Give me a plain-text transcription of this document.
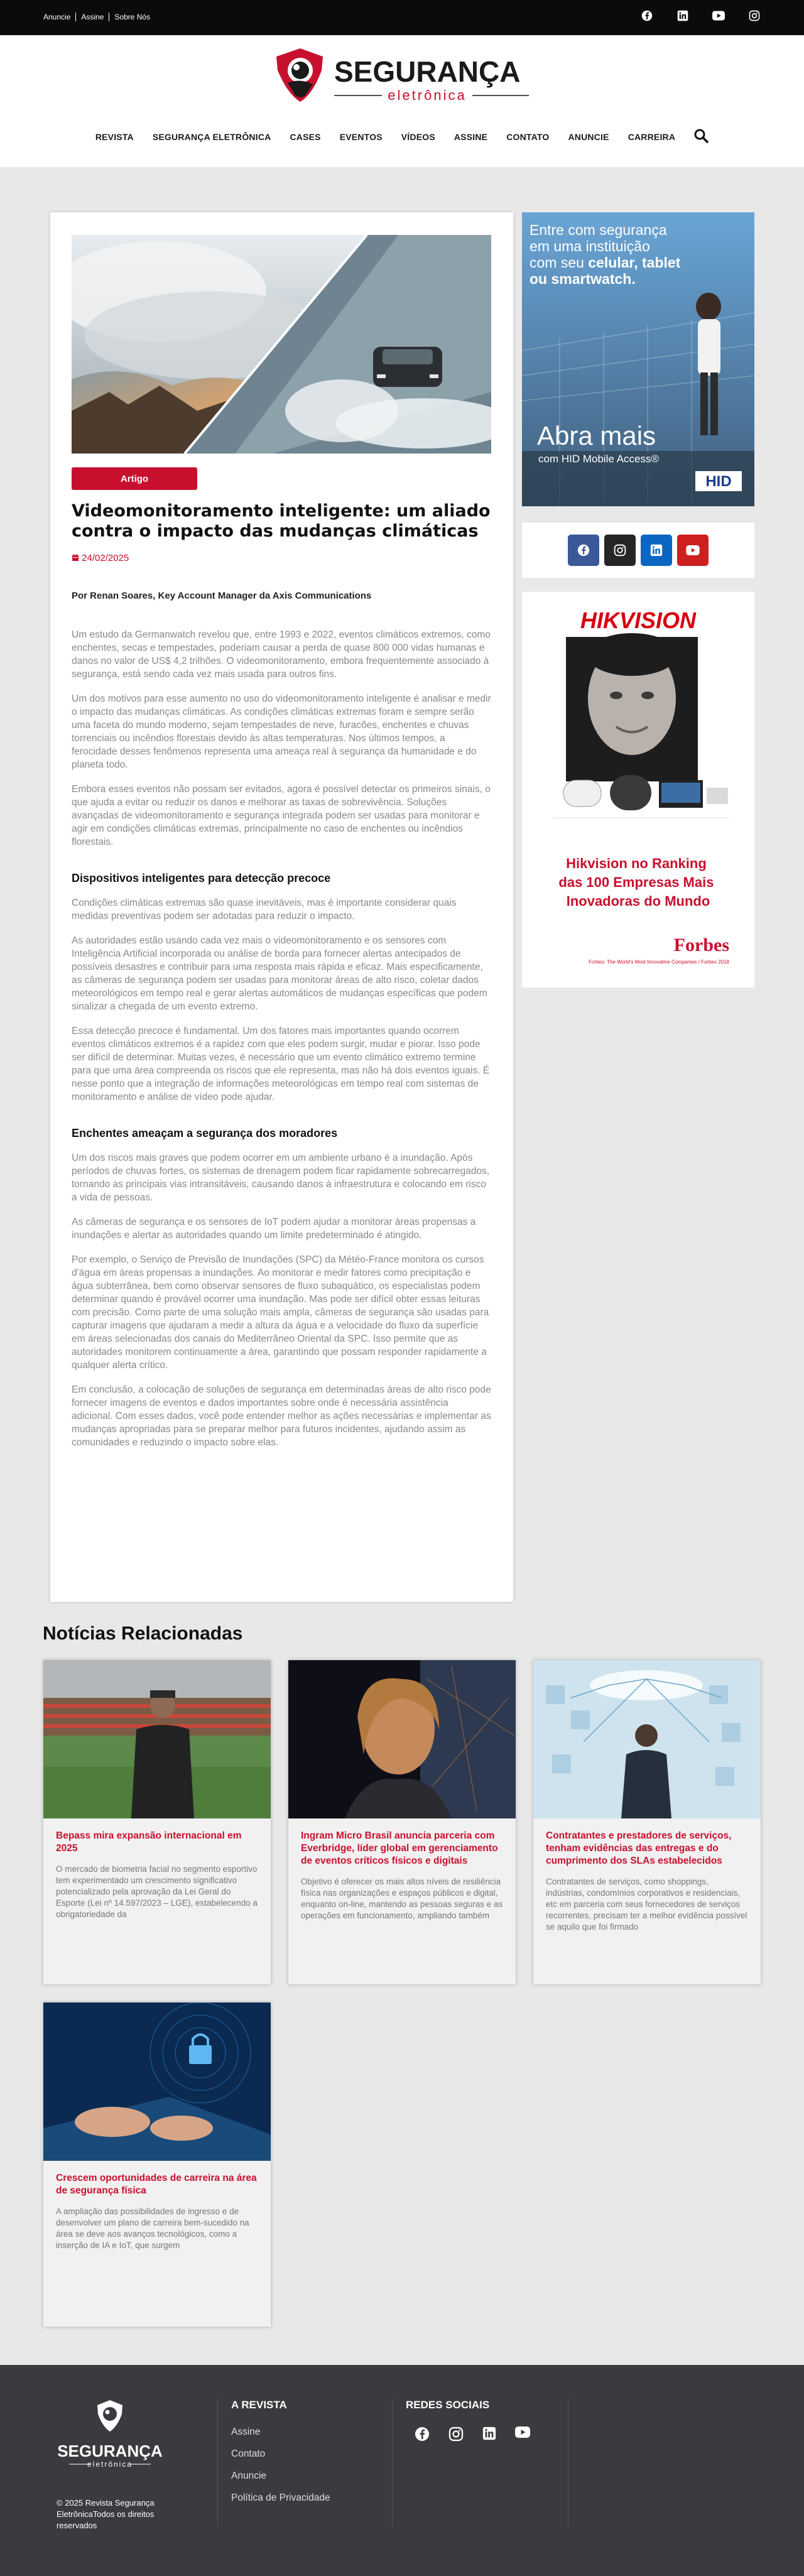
Anuncie	Assine	Sobre Nós
SEGURANÇA
eletrônica
REVISTA SEGURANÇA ELETRÔNICA CASES EVENTOS VÍDEOS ASSINE CONTATO ANUNCIE CARREIRA
Artigo
Videomonitoramento inteligente: um aliado contra o impacto das mudanças climáticas
24/02/2025
Por Renan Soares, Key Account Manager da Axis Communications

Um estudo da Germanwatch revelou que, entre 1993 e 2022, eventos climáticos extremos, como enchentes, secas e tempestades, poderiam causar a perda de quase 800 000 vidas humanas e danos no valor de US$ 4,2 trilhões. O videomonitoramento, embora frequentemente associado à segurança, está sendo cada vez mais usada para outros fins.

Um dos motivos para esse aumento no uso do videomonitoramento inteligente é analisar e medir o impacto das mudanças climáticas. As condições climáticas extremas foram e sempre serão uma faceta do mundo moderno, sejam tempestades de neve, furacões, enchentes e chuvas torrenciais ou incêndios florestais devido às altas temperaturas. Nos últimos tempos, a ferocidade desses fenômenos representa uma ameaça real à segurança da humanidade e do planeta todo.

Embora esses eventos não possam ser evitados, agora é possível detectar os primeiros sinais, o que ajuda a evitar ou reduzir os danos e melhorar as taxas de sobrevivência. Soluções avançadas de videomonitoramento e segurança integrada podem ser usadas para monitorar e agir em condições climáticas extremas, principalmente no caso de enchentes ou incêndios florestais.

Dispositivos inteligentes para detecção precoce

Condições climáticas extremas são quase inevitáveis, mas é importante considerar quais medidas preventivas podem ser adotadas para reduzir o impacto.

As autoridades estão usando cada vez mais o videomonitoramento e os sensores com Inteligência Artificial incorporada ou análise de borda para fornecer alertas antecipados de possíveis desastres e contribuir para uma resposta mais rápida e eficaz. Mais especificamente, as câmeras de segurança podem ser usadas para monitorar áreas de alto risco, coletar dados meteorológicos em tempo real e gerar alertas automáticos de mudanças específicas que podem sinalizar a chegada de um evento extremo.

Essa detecção precoce é fundamental. Um dos fatores mais importantes quando ocorrem eventos climáticos extremos é a rapidez com que eles podem surgir, mudar e piorar. Isso pode ser difícil de determinar. Muitas vezes, é necessário que um evento climático extremo termine para que uma área compreenda os riscos que ele representa, mas não há dois eventos iguais. É nesse ponto que a integração de informações meteorológicas em tempo real com sistemas de monitoramento e análise de vídeo pode ajudar.

Enchentes ameaçam a segurança dos moradores

Um dos riscos mais graves que podem ocorrer em um ambiente urbano é a inundação. Após períodos de chuvas fortes, os sistemas de drenagem podem ficar rapidamente sobrecarregados, tornando as principais vias intransitáveis, causando danos à infraestrutura e colocando em risco a vida de pessoas.

As câmeras de segurança e os sensores de IoT podem ajudar a monitorar áreas propensas a inundações e alertar as autoridades quando um limite predeterminado é atingido.

Por exemplo, o Serviço de Previsão de Inundações (SPC) da Météo-France monitora os cursos d'água em áreas propensas a inundações. Ao monitorar e medir fatores como precipitação e água subterrânea, bem como observar sensores de fluxo subaquático, os especialistas podem determinar quando é provável ocorrer uma inundação. Mas pode ser difícil obter essas leituras com precisão. Como parte de uma solução mais ampla, câmeras de segurança são usadas para capturar imagens que ajudaram a medir a altura da água e a velocidade do fluxo da superfície em áreas selecionadas dos canais do Mediterrâneo Oriental da SPC. Isso permite que as autoridades monitorem continuamente a área, garantindo que possam responder rapidamente a qualquer alerta crítico.

Em conclusão, a colocação de soluções de segurança em determinadas áreas de alto risco pode fornecer imagens de eventos e dados importantes sobre onde é necessária assistência adicional. Com esses dados, você pode entender melhor as ações necessárias e implementar as mudanças apropriadas para se preparar melhor para futuros incidentes, ajudando assim as comunidades e reduzindo o impacto sobre elas.

Entre com segurança
em uma instituição
com seu celular, tablet
ou smartwatch.
Abra mais
com HID Mobile Access®
HID
HIKVISION
Hikvision no Ranking das 100 Empresas Mais Inovadoras do Mundo
Forbes
Forbes: The World's Most Innovative Companies / Forbes 2018
Notícias Relacionadas
Bepass mira expansão internacional em 2025
O mercado de biometria facial no segmento esportivo tem experimentado um crescimento significativo potencializado pela aprovação da Lei Geral do Esporte (Lei nº 14.597/2023 – LGE), estabelecendo a obrigatoriedade da
Ingram Micro Brasil anuncia parceria com Everbridge, líder global em gerenciamento de eventos críticos físicos e digitais
Objetivo é oferecer os mais altos níveis de resiliência física nas organizações e espaços públicos e digital, enquanto on-line, mantendo as pessoas seguras e as operações em funcionamento, ampliando também
Contratantes e prestadores de serviços, tenham evidências das entregas e do cumprimento dos SLAs estabelecidos
Contratantes de serviços, como shoppings, indústrias, condomínios corporativos e residenciais, etc em parceria com seus fornecedores de serviços recorrentes, precisam ter a melhor evidência possível se aquilo que foi firmado
Crescem oportunidades de carreira na área de segurança física
A ampliação das possibilidades de ingresso e de desenvolver um plano de carreira bem-sucedido na área se deve aos avanços tecnológicos, como a inserção de IA e IoT, que surgem
SEGURANÇA
eletrônica
© 2025 Revista Segurança EletrônicaTodos os direitos reservados
A REVISTA
Assine
Contato
Anuncie
Política de Privacidade
REDES SOCIAIS
